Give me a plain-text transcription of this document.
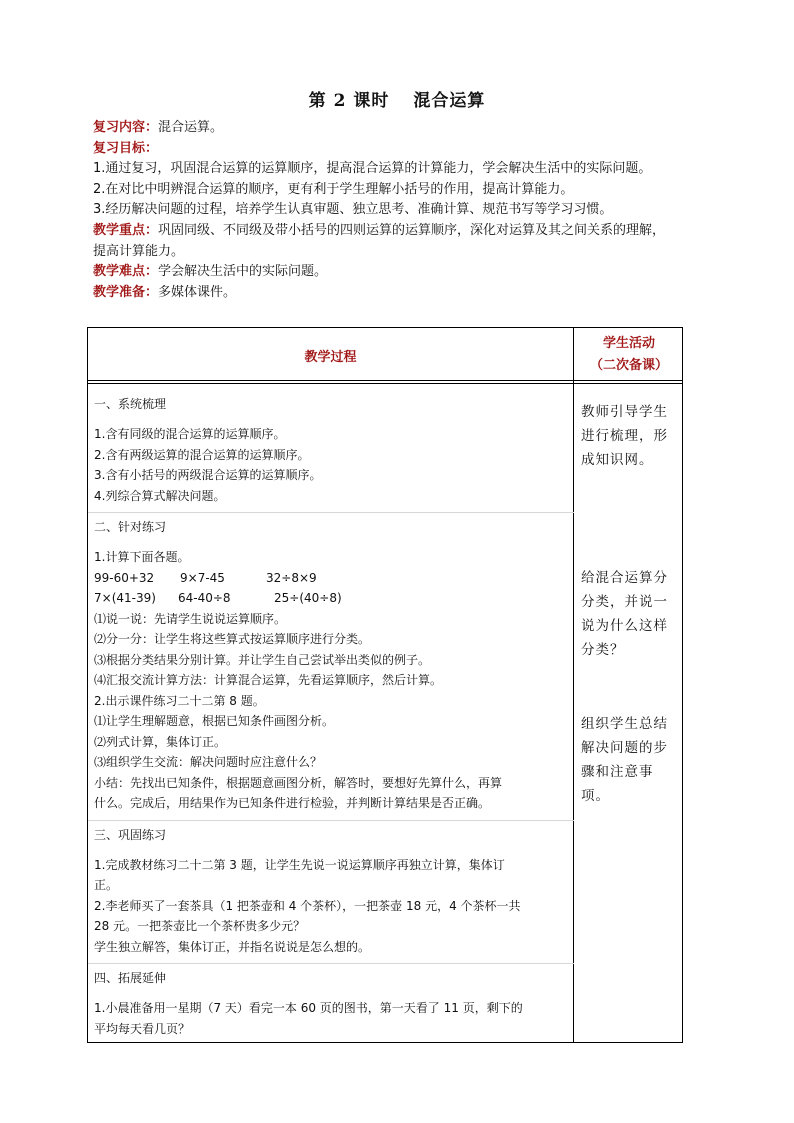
第 2 课时 混合运算

复习内容：混合运算。

复习目标：

1.通过复习，巩固混合运算的运算顺序，提高混合运算的计算能力，学会解决生活中的实际问题。

2.在对比中明辨混合运算的顺序，更有利于学生理解小括号的作用，提高计算能力。

3.经历解决问题的过程，培养学生认真审题、独立思考、准确计算、规范书写等学习习惯。

教学重点：巩固同级、不同级及带小括号的四则运算的运算顺序，深化对运算及其之间关系的理解，

提高计算能力。

教学难点：学会解决生活中的实际问题。

教学准备：多媒体课件。

教学过程
学生活动
（二次备课）

一、系统梳理

1.含有同级的混合运算的运算顺序。

2.含有两级运算的混合运算的运算顺序。

3.含有小括号的两级混合运算的运算顺序。

4.列综合算式解决问题。

二、针对练习

1.计算下面各题。

99-60+32 9×7-45	32÷8×9

7×(41-39) 64-40÷8	25÷(40÷8)

⑴说一说：先请学生说说运算顺序。

⑵分一分：让学生将这些算式按运算顺序进行分类。

⑶根据分类结果分别计算。并让学生自己尝试举出类似的例子。

⑷汇报交流计算方法：计算混合运算，先看运算顺序，然后计算。

2.出示课件练习二十二第 8 题。

⑴让学生理解题意，根据已知条件画图分析。

⑵列式计算，集体订正。

⑶组织学生交流：解决问题时应注意什么？

小结：先找出已知条件，根据题意画图分析，解答时，要想好先算什么，再算

什么。完成后，用结果作为已知条件进行检验，并判断计算结果是否正确。

三、巩固练习

1.完成教材练习二十二第 3 题，让学生先说一说运算顺序再独立计算，集体订

正。

2.李老师买了一套茶具（1 把茶壶和 4 个茶杯），一把茶壶 18 元，4 个茶杯一共

28 元。一把茶壶比一个茶杯贵多少元？

学生独立解答，集体订正，并指名说说是怎么想的。

四、拓展延伸

1.小晨准备用一星期（7 天）看完一本 60 页的图书，第一天看了 11 页，剩下的

平均每天看几页？

教师引导学生进行梳理，形成知识网。
给混合运算分分类，并说一说为什么这样分类？
组织学生总结解决问题的步骤和注意事项。
